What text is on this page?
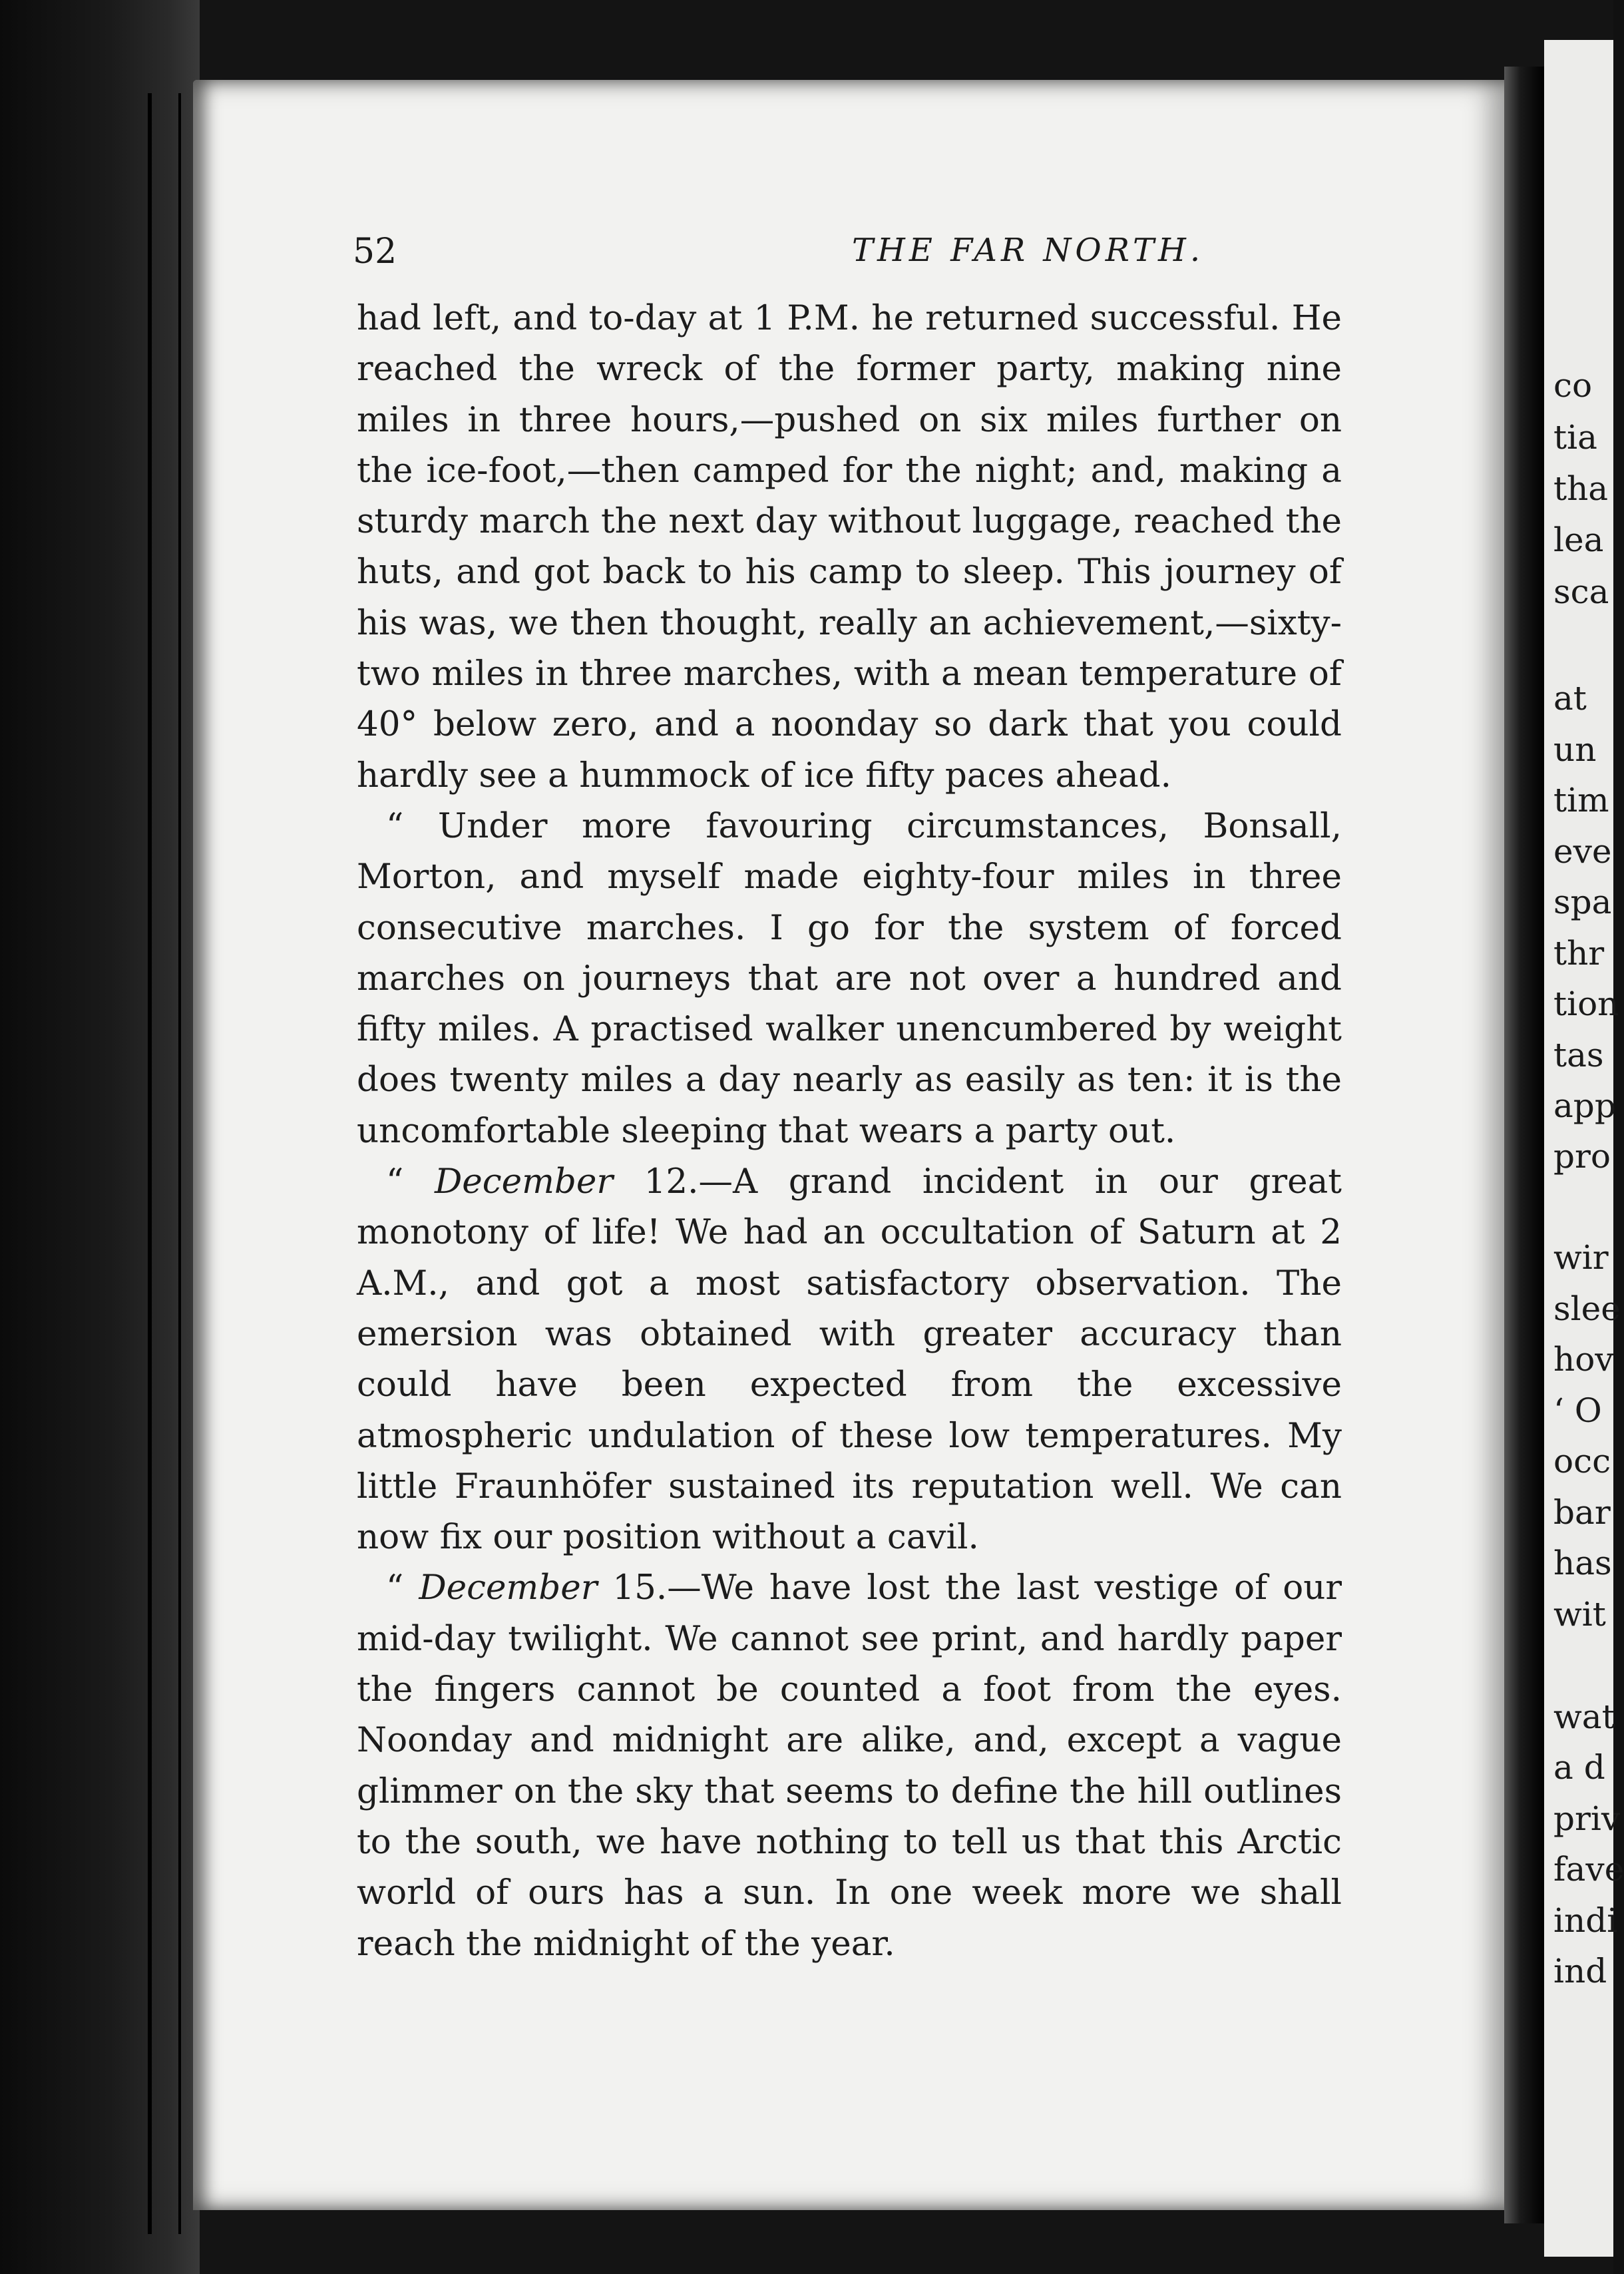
52	THE FAR NORTH.

had left, and to-day at 1 P.M. he returned successful. He reached the wreck of the former party, making nine miles in three hours,—pushed on six miles further on the ice-foot,—then camped for the night; and, making a sturdy march the next day without luggage, reached the huts, and got back to his camp to sleep. This journey of his was, we then thought, really an achievement,—sixty-two miles in three marches, with a mean temperature of 40° below zero, and a noonday so dark that you could hardly see a hummock of ice fifty paces ahead.

“ Under more favouring circumstances, Bonsall, Morton, and myself made eighty-four miles in three consecutive marches. I go for the system of forced marches on journeys that are not over a hundred and fifty miles. A practised walker unencumbered by weight does twenty miles a day nearly as easily as ten: it is the uncomfortable sleeping that wears a party out.

“ December 12.—A grand incident in our great monotony of life! We had an occultation of Saturn at 2 A.M., and got a most satisfactory observation. The emersion was obtained with greater accuracy than could have been expected from the excessive atmospheric undulation of these low temperatures. My little Fraunhöfer sustained its reputation well. We can now fix our position without a cavil.

“ December 15.—We have lost the last vestige of our mid-day twilight. We cannot see print, and hardly paper the fingers cannot be counted a foot from the eyes. Noonday and midnight are alike, and, except a vague glimmer on the sky that seems to define the hill outlines to the south, we have nothing to tell us that this Arctic world of ours has a sun. In one week more we shall reach the midnight of the year.

co
tia
tha
lea
sca
at
un
tim
eve
spa
thr
tion
tas
app
pro
wir
slee
hov
‘ O
occ
bar
has
wit
wat
a d
priv
fave
indi
ind
